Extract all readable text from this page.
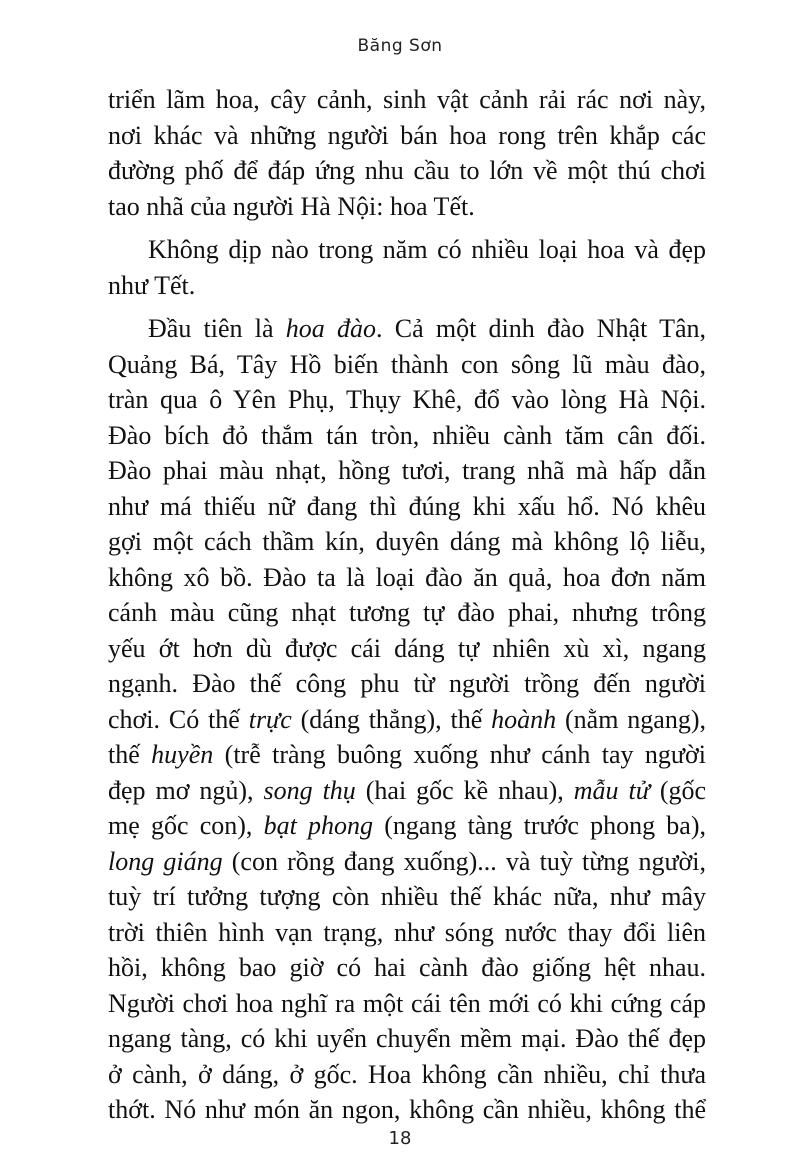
Băng Sơn
triển lãm hoa, cây cảnh, sinh vật cảnh rải rác nơi này,
nơi khác và những người bán hoa rong trên khắp các
đường phố để đáp ứng nhu cầu to lớn về một thú chơi
tao nhã của người Hà Nội: hoa Tết.
Không dịp nào trong năm có nhiều loại hoa và đẹp
như Tết.
Đầu tiên là hoa đào. Cả một dinh đào Nhật Tân,
Quảng Bá, Tây Hồ biến thành con sông lũ màu đào,
tràn qua ô Yên Phụ, Thụy Khê, đổ vào lòng Hà Nội.
Đào bích đỏ thắm tán tròn, nhiều cành tăm cân đối.
Đào phai màu nhạt, hồng tươi, trang nhã mà hấp dẫn
như má thiếu nữ đang thì đúng khi xấu hổ. Nó khêu
gợi một cách thầm kín, duyên dáng mà không lộ liễu,
không xô bồ. Đào ta là loại đào ăn quả, hoa đơn năm
cánh màu cũng nhạt tương tự đào phai, nhưng trông
yếu ớt hơn dù được cái dáng tự nhiên xù xì, ngang
ngạnh. Đào thế công phu từ người trồng đến người
chơi. Có thế trực (dáng thẳng), thế hoành (nằm ngang),
thế huyền (trễ tràng buông xuống như cánh tay người
đẹp mơ ngủ), song thụ (hai gốc kề nhau), mẫu tử (gốc
mẹ gốc con), bạt phong (ngang tàng trước phong ba),
long giáng (con rồng đang xuống)... và tuỳ từng người,
tuỳ trí tưởng tượng còn nhiều thế khác nữa, như mây
trời thiên hình vạn trạng, như sóng nước thay đổi liên
hồi, không bao giờ có hai cành đào giống hệt nhau.
Người chơi hoa nghĩ ra một cái tên mới có khi cứng cáp
ngang tàng, có khi uyển chuyển mềm mại. Đào thế đẹp
ở cành, ở dáng, ở gốc. Hoa không cần nhiều, chỉ thưa
thớt. Nó như món ăn ngon, không cần nhiều, không thể
18
